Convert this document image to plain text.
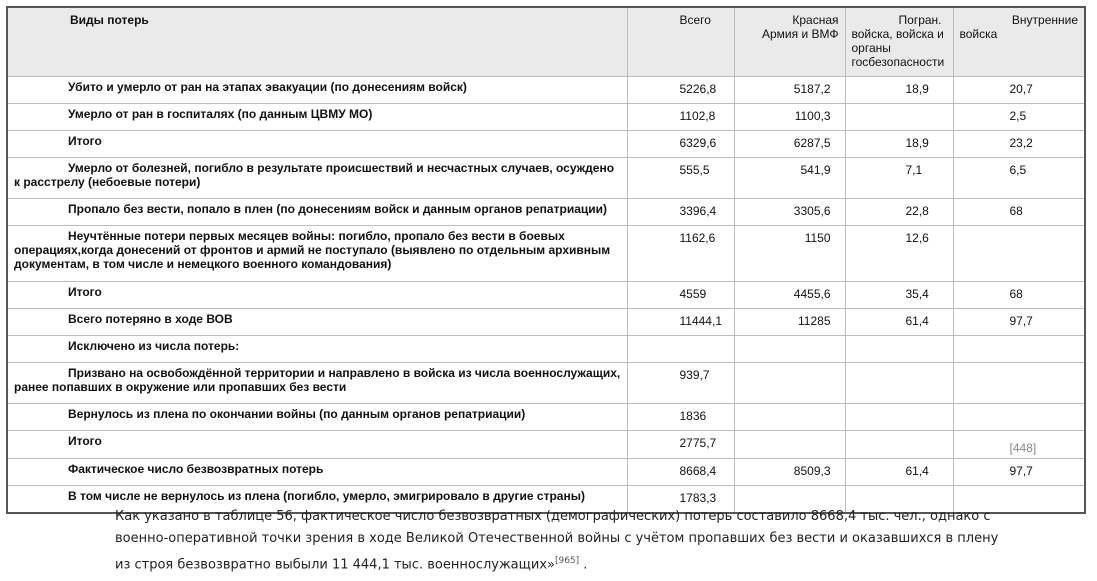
Виды потерь	Всего	Красная
Армия и ВМФ	Погран.
войска, войска и
органы
госбезопасности	Внутренние
войска

Убито и умерло от ран на этапах эвакуации (по донесениям войск)	5226,8	5187,2	18,9	20,7
Умерло от ран в госпиталях (по данным ЦВМУ МО)	1102,8	1100,3		2,5
Итого	6329,6	6287,5	18,9	23,2
Умерло от болезней, погибло в результате происшествий и несчастных случаев, осуждено к расстрелу (небоевые потери)	555,5	541,9	7,1	6,5
Пропало без вести, попало в плен (по донесениям войск и данным органов репатриации)	3396,4	3305,6	22,8	68
Неучтённые потери первых месяцев войны: погибло, пропало без вести в боевых операциях,когда донесений от фронтов и армий не поступало (выявлено по отдельным архивным документам, в том числе и немецкого военного командования)	1162,6	1150	12,6	
Итого	4559	4455,6	35,4	68
Всего потеряно в ходе ВОВ	11444,1	11285	61,4	97,7
Исключено из числа потерь:				
Призвано на освобождённой территории и направлено в войска из числа военнослужащих, ранее попавших в окружение или пропавших без вести	939,7			
Вернулось из плена по окончании войны (по данным органов репатриации)	1836			
Итого	2775,7			[448]
Фактическое число безвозвратных потерь	8668,4	8509,3	61,4	97,7
В том числе не вернулось из плена (погибло, умерло, эмигрировало в другие страны)	1783,3			
Как указано в таблице 56, фактическое число безвозвратных (демографических) потерь составило 8668,4 тыс. чел., однако с военно-оперативной точки зрения в ходе Великой Отечественной войны с учётом пропавших без вести и оказавшихся в плену из строя безвозвратно выбыли 11 444,1 тыс. военнослужащих»[965] .
